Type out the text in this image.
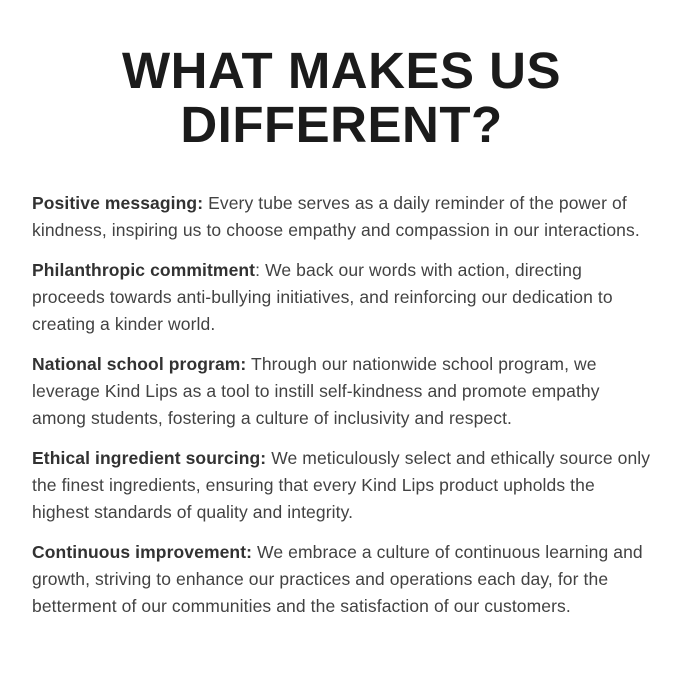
WHAT MAKES US
DIFFERENT?

Positive messaging: Every tube serves as a daily reminder of the power of kindness, inspiring us to choose empathy and compassion in our interactions.

Philanthropic commitment: We back our words with action, directing proceeds towards anti-bullying initiatives, and reinforcing our dedication to creating a kinder world.

National school program: Through our nationwide school program, we leverage Kind Lips as a tool to instill self-kindness and promote empathy among students, fostering a culture of inclusivity and respect.

Ethical ingredient sourcing: We meticulously select and ethically source only the finest ingredients, ensuring that every Kind Lips product upholds the highest standards of quality and integrity.

Continuous improvement: We embrace a culture of continuous learning and growth, striving to enhance our practices and operations each day, for the betterment of our communities and the satisfaction of our customers.
